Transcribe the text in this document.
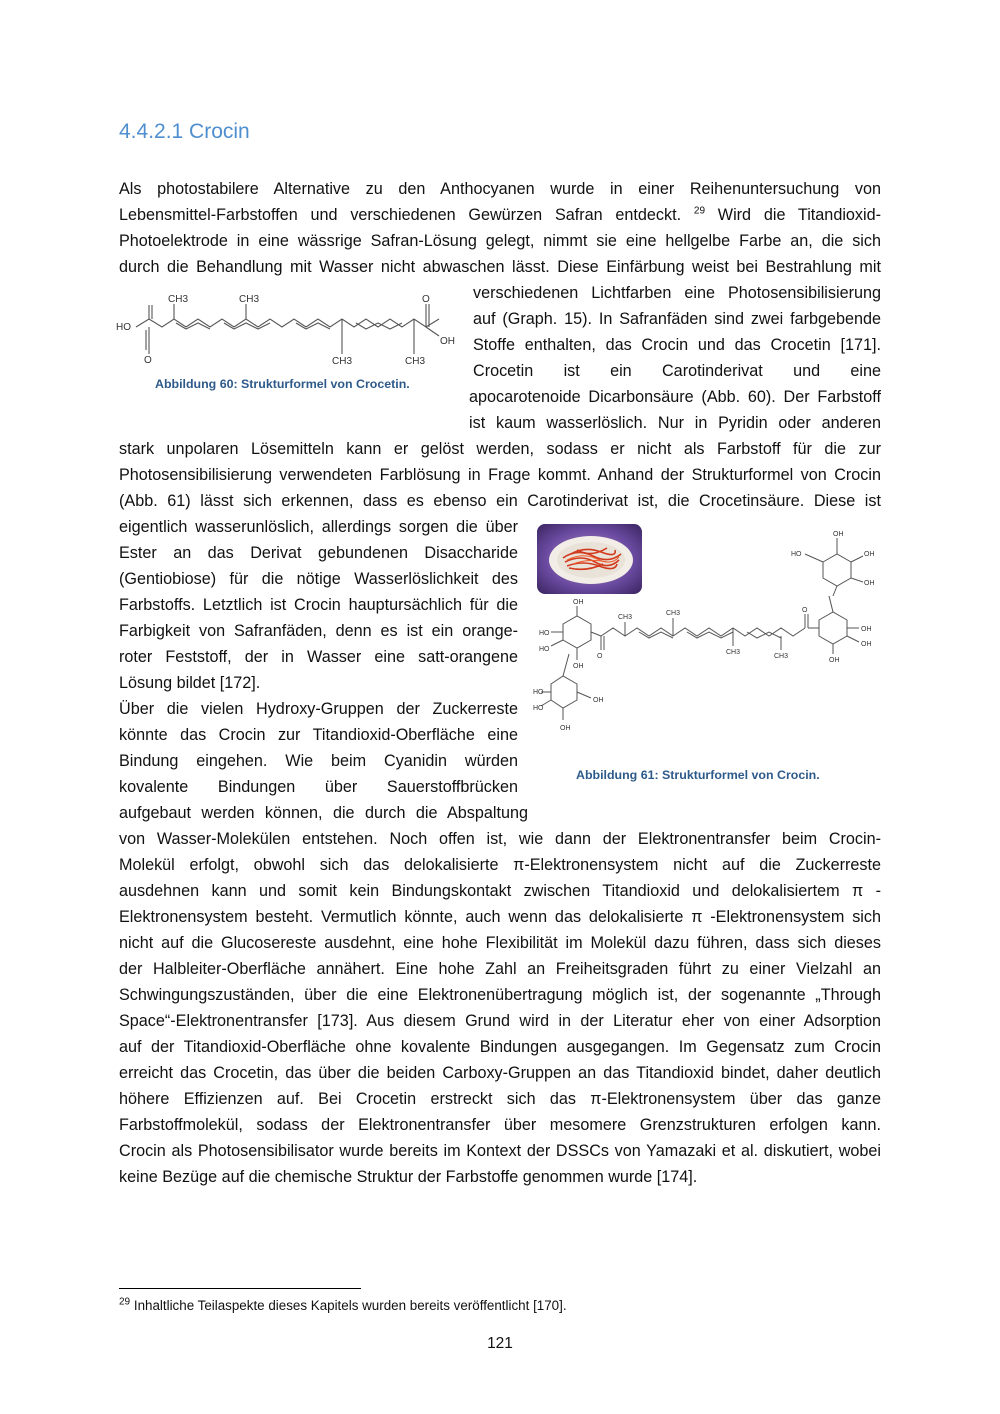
4.4.2.1 Crocin
Als photostabilere Alternative zu den Anthocyanen wurde in einer Reihenuntersuchung von
Lebensmittel-Farbstoffen und verschiedenen Gewürzen Safran entdeckt. $^{29}$ Wird die Titandioxid-
Photoelektrode in eine wässrige Safran-Lösung gelegt, nimmt sie eine hellgelbe Farbe an, die sich
durch die Behandlung mit Wasser nicht abwaschen lässt. Diese Einfärbung weist bei Bestrahlung mit
verschiedenen Lichtfarben eine Photosensibilisierung
auf (Graph. 15). In Safranfäden sind zwei farbgebende
Stoffe enthalten, das Crocin und das Crocetin [171].
Crocetin ist ein Carotinderivat und eine
apocarotenoide Dicarbonsäure (Abb. 60). Der Farbstoff
ist kaum wasserlöslich. Nur in Pyridin oder anderen
HO
O
CH3	CH3
CH3	CH3
O
OH
Abbildung 60: Strukturformel von Crocetin.
stark unpolaren Lösemitteln kann er gelöst werden, sodass er nicht als Farbstoff für die zur
Photosensibilisierung verwendeten Farblösung in Frage kommt. Anhand der Strukturformel von Crocin
(Abb. 61) lässt sich erkennen, dass es ebenso ein Carotinderivat ist, die Crocetinsäure. Diese ist
eigentlich wasserunlöslich, allerdings sorgen die über
Ester an das Derivat gebundenen Disaccharide
(Gentiobiose) für die nötige Wasserlöslichkeit des
Farbstoffs. Letztlich ist Crocin hauptursächlich für die
Farbigkeit von Safranfäden, denn es ist ein orange-
roter Feststoff, der in Wasser eine satt-orangene
Lösung bildet [172].
Über die vielen Hydroxy-Gruppen der Zuckerreste
könnte das Crocin zur Titandioxid-Oberfläche eine
Bindung eingehen. Wie beim Cyanidin würden
kovalente Bindungen über Sauerstoffbrücken
aufgebaut werden können, die durch die Abspaltung
HO
HO
OH
OH
HO
HO
OH
OH
O
CH3
CH3
CH3
CH3
O
OH
OH
OH
HO
OH
OH
OH
Abbildung 61: Strukturformel von Crocin.
von Wasser-Molekülen entstehen. Noch offen ist, wie dann der Elektronentransfer beim Crocin-
Molekül erfolgt, obwohl sich das delokalisierte π-Elektronensystem nicht auf die Zuckerreste
ausdehnen kann und somit kein Bindungskontakt zwischen Titandioxid und delokalisiertem π -
Elektronensystem besteht. Vermutlich könnte, auch wenn das delokalisierte π -Elektronensystem sich
nicht auf die Glucosereste ausdehnt, eine hohe Flexibilität im Molekül dazu führen, dass sich dieses
der Halbleiter-Oberfläche annähert. Eine hohe Zahl an Freiheitsgraden führt zu einer Vielzahl an
Schwingungszuständen, über die eine Elektronenübertragung möglich ist, der sogenannte „Through
Space“-Elektronentransfer [173]. Aus diesem Grund wird in der Literatur eher von einer Adsorption
auf der Titandioxid-Oberfläche ohne kovalente Bindungen ausgegangen. Im Gegensatz zum Crocin
erreicht das Crocetin, das über die beiden Carboxy-Gruppen an das Titandioxid bindet, daher deutlich
höhere Effizienzen auf. Bei Crocetin erstreckt sich das π-Elektronensystem über das ganze
Farbstoffmolekül, sodass der Elektronentransfer über mesomere Grenzstrukturen erfolgen kann.
Crocin als Photosensibilisator wurde bereits im Kontext der DSSCs von Yamazaki et al. diskutiert, wobei
keine Bezüge auf die chemische Struktur der Farbstoffe genommen wurde [174].
$^{29}$ Inhaltliche Teilaspekte dieses Kapitels wurden bereits veröffentlicht [170].
121
